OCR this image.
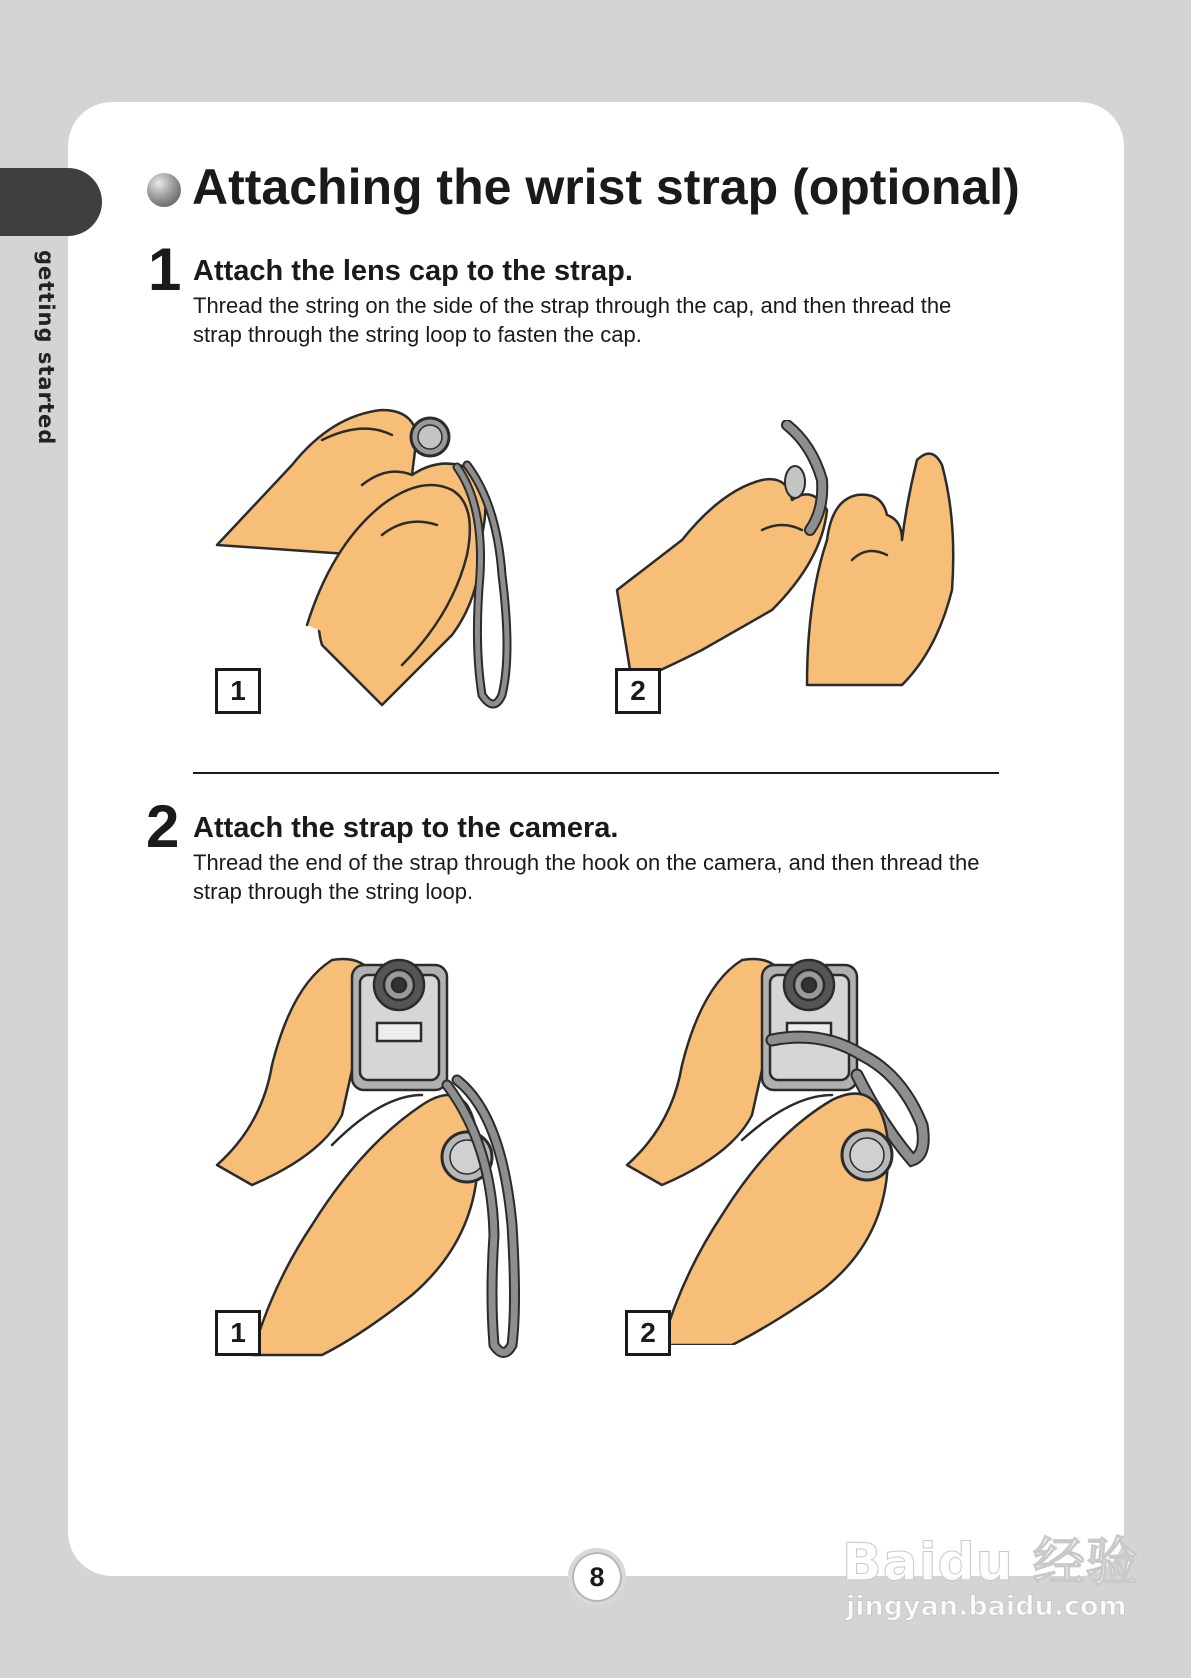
getting started
Attaching the wrist strap (optional)
1 Attach the lens cap to the strap.

Thread the string on the side of the strap through the cap, and then thread the strap through the string loop to fasten the cap.

1	2
2 Attach the strap to the camera.

Thread the end of the strap through the hook on the camera, and then thread the strap through the string loop.

1	2
8	Baidu 经验
jingyan.baidu.com
